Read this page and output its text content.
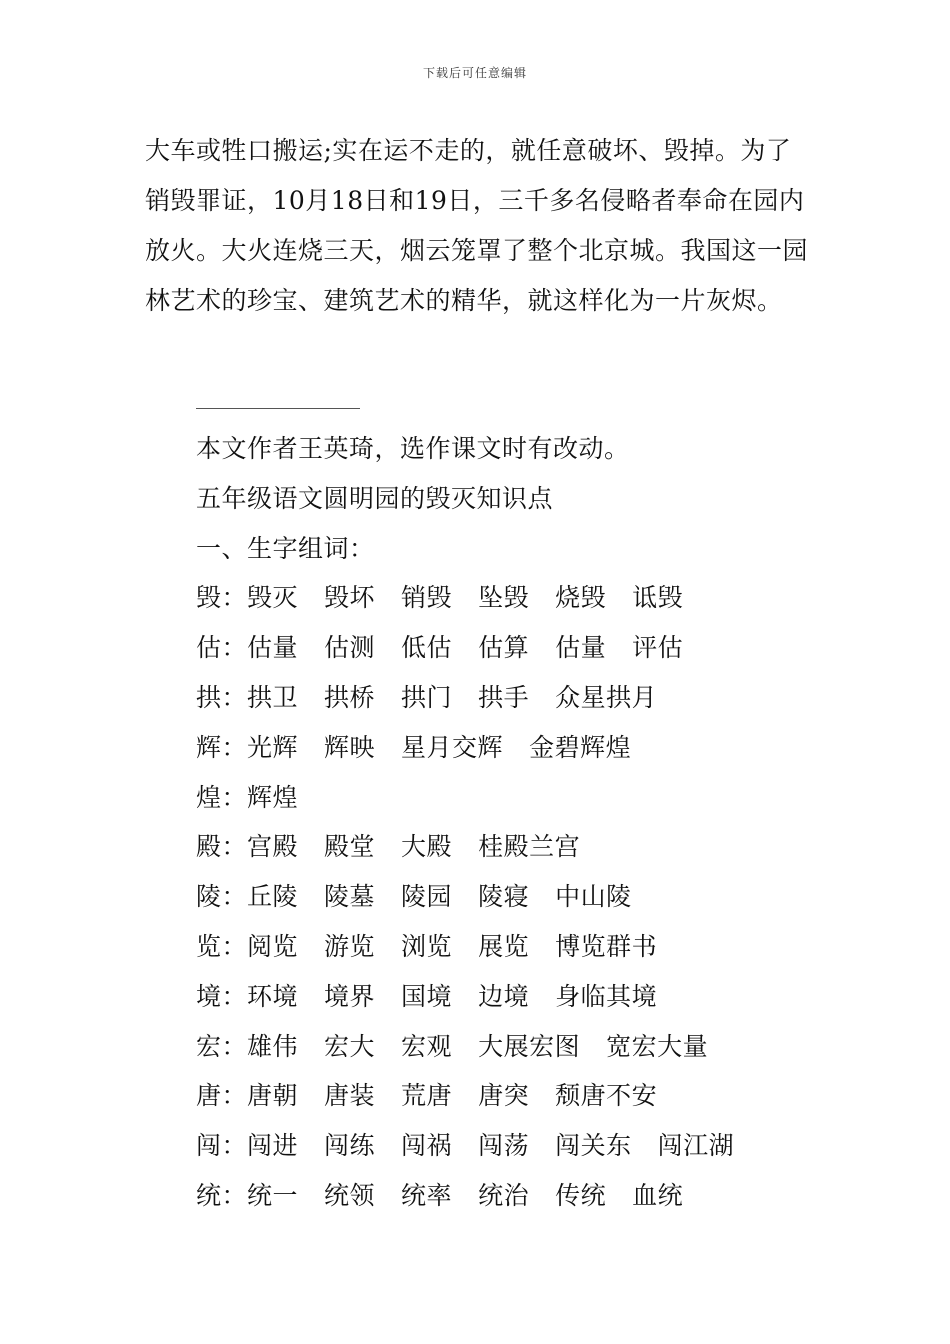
下载后可任意编辑

大车或牲口搬运;实在运不走的，就任意破坏、毁掉。为了销毁罪证，10月18日和19日，三千多名侵略者奉命在园内放火。大火连烧三天，烟云笼罩了整个北京城。我国这一园林艺术的珍宝、建筑艺术的精华，就这样化为一片灰烬。

本文作者王英琦，选作课文时有改动。

五年级语文圆明园的毁灭知识点

一、生字组词：

毁：毁灭 毁坏 销毁 坠毁 烧毁 诋毁
估：估量 估测 低估 估算 估量 评估
拱：拱卫 拱桥 拱门 拱手 众星拱月
辉：光辉 辉映 星月交辉 金碧辉煌
煌：辉煌
殿：宫殿 殿堂 大殿 桂殿兰宫
陵：丘陵 陵墓 陵园 陵寝 中山陵
览：阅览 游览 浏览 展览 博览群书
境：环境 境界 国境 边境 身临其境
宏：雄伟 宏大 宏观 大展宏图 宽宏大量
唐：唐朝 唐装 荒唐 唐突 颓唐不安
闯：闯进 闯练 闯祸 闯荡 闯关东 闯江湖
统：统一 统领 统率 统治 传统 血统
